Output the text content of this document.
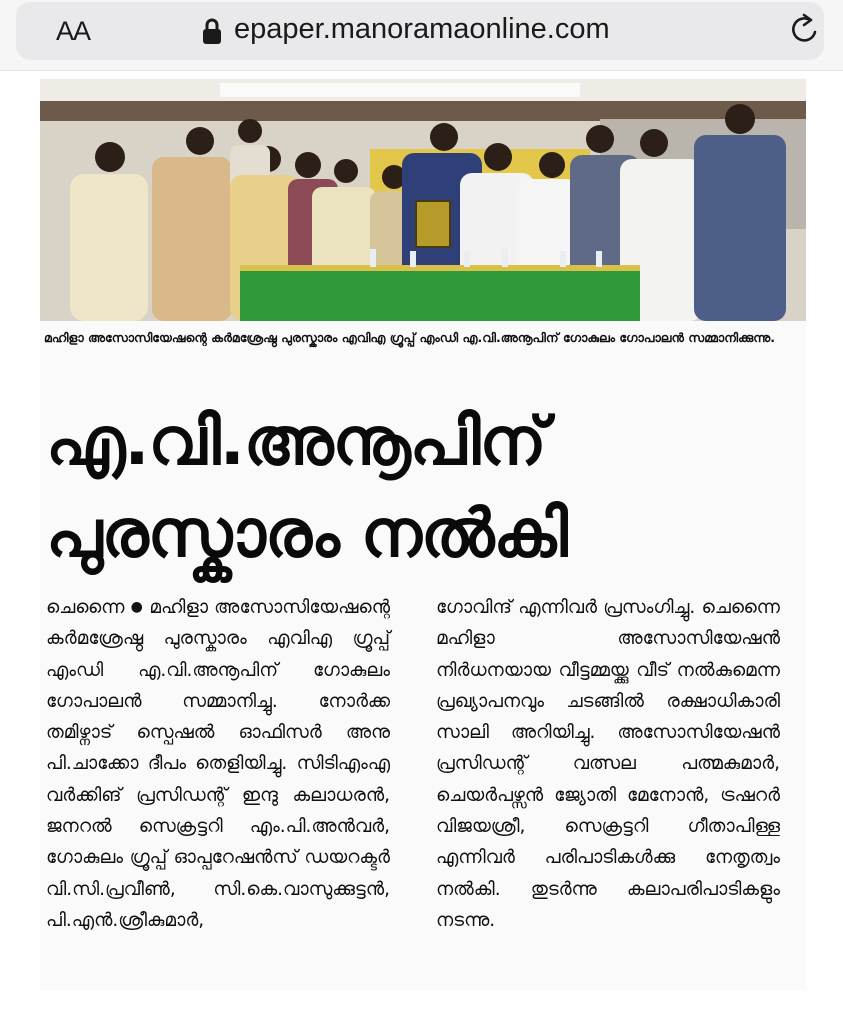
AA	epaper.manoramaonline.com
മഹിളാ അസോസിയേഷന്റെ കർമശ്രേഷ്ഠ പുരസ്കാരം എവിഎ ഗ്രൂപ്പ് എംഡി എ.വി.അനൂപിന് ഗോകുലം ഗോപാലൻ സമ്മാനിക്കുന്നു.
എ.വി.അനൂപിന്
പുരസ്കാരം നൽകി
ചെന്നൈ ● മഹിളാ അസോസിയേഷന്റെ കർമശ്രേഷ്ഠ പുരസ്കാരം എവിഎ ഗ്രൂപ്പ് എംഡി എ.വി.അനൂപിന് ഗോകുലം ഗോപാലൻ സമ്മാനിച്ചു. നോർക്ക തമിഴ്നാട് സ്പെഷൽ ഓഫിസർ അനു പി.ചാക്കോ ദീപം തെളിയിച്ചു. സിടിഎംഎ വർക്കിങ് പ്രസിഡന്റ് ഇന്ദു കലാധരൻ, ജനറൽ സെക്രട്ടറി എം.പി.അൻവർ, ഗോകുലം ഗ്രൂപ്പ് ഓപ്പറേഷൻസ് ഡയറക്ടർ വി.സി.പ്രവീൺ, സി.കെ.വാസുക്കുട്ടൻ, പി.എൻ.ശ്രീകുമാർ,
ഗോവിന്ദ് എന്നിവർ പ്രസംഗിച്ചു. ചെന്നൈ മഹിളാ അസോസിയേഷൻ നിർധനയായ വീട്ടമ്മയ്ക്കു വീട് നൽകുമെന്ന പ്രഖ്യാപനവും ചടങ്ങിൽ രക്ഷാധികാരി സാലി അറിയിച്ചു. അസോസിയേഷൻ പ്രസിഡന്റ് വത്സല പത്മകുമാർ, ചെയർപഴ്സൻ ജ്യോതി മേനോൻ, ട്രഷറർ വിജയശ്രീ, സെക്രട്ടറി ഗീതാപിള്ള എന്നിവർ പരിപാടികൾക്കു നേതൃത്വം നൽകി. തുടർന്നു കലാപരിപാടികളും നടന്നു.
